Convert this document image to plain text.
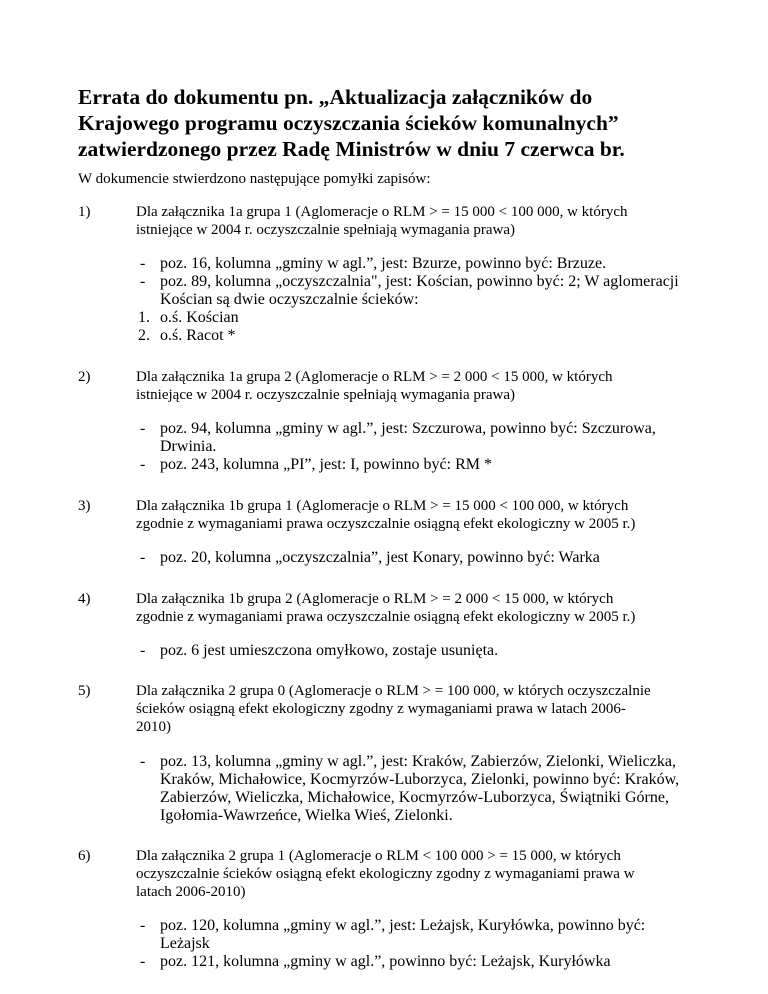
Errata do dokumentu pn. „Aktualizacja załączników do
Krajowego programu oczyszczania ścieków komunalnych”
zatwierdzonego przez Radę Ministrów w dniu 7 czerwca br.
W dokumencie stwierdzono następujące pomyłki zapisów:
1)	Dla załącznika 1a grupa 1 (Aglomeracje o RLM > = 15 000 < 100 000, w których
istniejące w 2004 r. oczyszczalnie spełniają wymagania prawa)
- poz. 16, kolumna „gminy w agl.”, jest: Bzurze, powinno być: Brzuze.
- poz. 89, kolumna „oczyszczalnia", jest: Kościan, powinno być: 2; W aglomeracji
Kościan są dwie oczyszczalnie ścieków:
1. o.ś. Kościan
2. o.ś. Racot *
2)	Dla załącznika 1a grupa 2 (Aglomeracje o RLM > = 2 000 < 15 000, w których
istniejące w 2004 r. oczyszczalnie spełniają wymagania prawa)
- poz. 94, kolumna „gminy w agl.”, jest: Szczurowa, powinno być: Szczurowa,
Drwinia.
- poz. 243, kolumna „PI”, jest: I, powinno być: RM *
3)	Dla załącznika 1b grupa 1 (Aglomeracje o RLM > = 15 000 < 100 000, w których
zgodnie z wymaganiami prawa oczyszczalnie osiągną efekt ekologiczny w 2005 r.)
- poz. 20, kolumna „oczyszczalnia”, jest Konary, powinno być: Warka
4)	Dla załącznika 1b grupa 2 (Aglomeracje o RLM > = 2 000 < 15 000, w których
zgodnie z wymaganiami prawa oczyszczalnie osiągną efekt ekologiczny w 2005 r.)
- poz. 6 jest umieszczona omyłkowo, zostaje usunięta.
5)	Dla załącznika 2 grupa 0 (Aglomeracje o RLM > = 100 000, w których oczyszczalnie
ścieków osiągną efekt ekologiczny zgodny z wymaganiami prawa w latach 2006-
2010)
- poz. 13, kolumna „gminy w agl.”, jest: Kraków, Zabierzów, Zielonki, Wieliczka,
Kraków, Michałowice, Kocmyrzów-Luborzyca, Zielonki, powinno być: Kraków,
Zabierzów, Wieliczka, Michałowice, Kocmyrzów-Luborzyca, Świątniki Górne,
Igołomia-Wawrzeńce, Wielka Wieś, Zielonki.
6)	Dla załącznika 2 grupa 1 (Aglomeracje o RLM < 100 000 > = 15 000, w których
oczyszczalnie ścieków osiągną efekt ekologiczny zgodny z wymaganiami prawa w
latach 2006-2010)
- poz. 120, kolumna „gminy w agl.”, jest: Leżajsk, Kuryłówka, powinno być:
Leżajsk
- poz. 121, kolumna „gminy w agl.”, powinno być: Leżajsk, Kuryłówka
